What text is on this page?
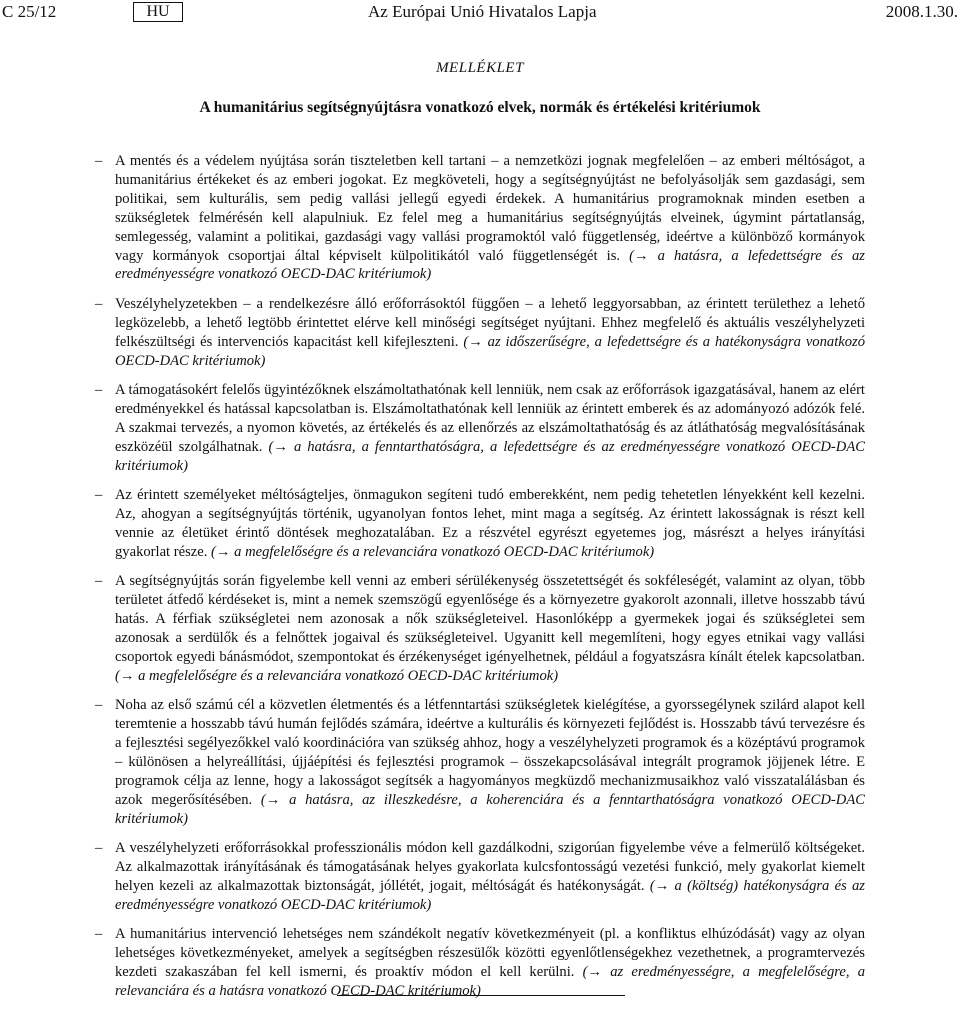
C 25/12	HU	Az Európai Unió Hivatalos Lapja	2008.1.30.
MELLÉKLET
A humanitárius segítségnyújtásra vonatkozó elvek, normák és értékelési kritériumok
– A mentés és a védelem nyújtása során tiszteletben kell tartani – a nemzetközi jognak megfelelően – az emberi méltóságot, a humanitárius értékeket és az emberi jogokat. Ez megköveteli, hogy a segítségnyújtást ne befolyásolják sem gazdasági, sem politikai, sem kulturális, sem pedig vallási jellegű egyedi érdekek. A humanitárius programoknak minden esetben a szükségletek felmérésén kell alapulniuk. Ez felel meg a humanitárius segítségnyújtás elveinek, úgymint pártatlanság, semlegesség, valamint a politikai, gazdasági vagy vallási programoktól való függetlenség, ideértve a különböző kormányok vagy kormányok csoportjai által képviselt külpolitikától való függetlenségét is. (→ a hatásra, a lefedettségre és az eredményességre vonatkozó OECD-DAC kritériumok)
– Veszélyhelyzetekben – a rendelkezésre álló erőforrásoktól függően – a lehető leggyorsabban, az érintett területhez a lehető legközelebb, a lehető legtöbb érintettet elérve kell minőségi segítséget nyújtani. Ehhez megfelelő és aktuális veszélyhelyzeti felkészültségi és intervenciós kapacitást kell kifejleszteni. (→ az időszerűségre, a lefedettségre és a hatékonyságra vonatkozó OECD-DAC kritériumok)
– A támogatásokért felelős ügyintézőknek elszámoltathatónak kell lenniük, nem csak az erőforrások igazgatásával, hanem az elért eredményekkel és hatással kapcsolatban is. Elszámoltathatónak kell lenniük az érintett emberek és az adományozó adózók felé. A szakmai tervezés, a nyomon követés, az értékelés és az ellenőrzés az elszámoltathatóság és az átláthatóság megvalósításának eszközéül szolgálhatnak. (→ a hatásra, a fenntarthatóságra, a lefedettségre és az eredményességre vonatkozó OECD-DAC kritériumok)
– Az érintett személyeket méltóságteljes, önmagukon segíteni tudó emberekként, nem pedig tehetetlen lényekként kell kezelni. Az, ahogyan a segítségnyújtás történik, ugyanolyan fontos lehet, mint maga a segítség. Az érintett lakosságnak is részt kell vennie az életüket érintő döntések meghozatalában. Ez a részvétel egyrészt egyetemes jog, másrészt a helyes irányítási gyakorlat része. (→ a megfelelőségre és a relevanciára vonatkozó OECD-DAC kritériumok)
– A segítségnyújtás során figyelembe kell venni az emberi sérülékenység összetettségét és sokféleségét, valamint az olyan, több területet átfedő kérdéseket is, mint a nemek szemszögű egyenlősége és a környezetre gyakorolt azonnali, illetve hosszabb távú hatás. A férfiak szükségletei nem azonosak a nők szükségleteivel. Hasonlóképp a gyermekek jogai és szükségletei sem azonosak a serdülők és a felnőttek jogaival és szükségleteivel. Ugyanitt kell megemlíteni, hogy egyes etnikai vagy vallási csoportok egyedi bánásmódot, szempontokat és érzékenységet igényelhetnek, például a fogyatszásra kínált ételek kapcsolatban. (→ a megfelelőségre és a relevanciára vonatkozó OECD-DAC kritériumok)
– Noha az első számú cél a közvetlen életmentés és a létfenntartási szükségletek kielégítése, a gyorssegélynek szilárd alapot kell teremtenie a hosszabb távú humán fejlődés számára, ideértve a kulturális és környezeti fejlődést is. Hosszabb távú tervezésre és a fejlesztési segélyezőkkel való koordinációra van szükség ahhoz, hogy a veszélyhelyzeti programok és a középtávú programok – különösen a helyreállítási, újjáépítési és fejlesztési programok – összekapcsolásával integrált programok jöjjenek létre. E programok célja az lenne, hogy a lakosságot segítsék a hagyományos megküzdő mechanizmusaikhoz való visszatalálásban és azok megerősítésében. (→ a hatásra, az illeszkedésre, a koherenciára és a fenntarthatóságra vonatkozó OECD-DAC kritériumok)
– A veszélyhelyzeti erőforrásokkal professzionális módon kell gazdálkodni, szigorúan figyelembe véve a felmerülő költségeket. Az alkalmazottak irányításának és támogatásának helyes gyakorlata kulcsfontosságú vezetési funkció, mely gyakorlat kiemelt helyen kezeli az alkalmazottak biztonságát, jóllétét, jogait, méltóságát és hatékonyságát. (→ a (költség) hatékonyságra és az eredményességre vonatkozó OECD-DAC kritériumok)
– A humanitárius intervenció lehetséges nem szándékolt negatív következményeit (pl. a konfliktus elhúzódását) vagy az olyan lehetséges következményeket, amelyek a segítségben részesülők közötti egyenlőtlenségekhez vezethetnek, a programtervezés kezdeti szakaszában fel kell ismerni, és proaktív módon el kell kerülni. (→ az eredményességre, a megfelelőségre, a relevanciára és a hatásra vonatkozó OECD-DAC kritériumok)
